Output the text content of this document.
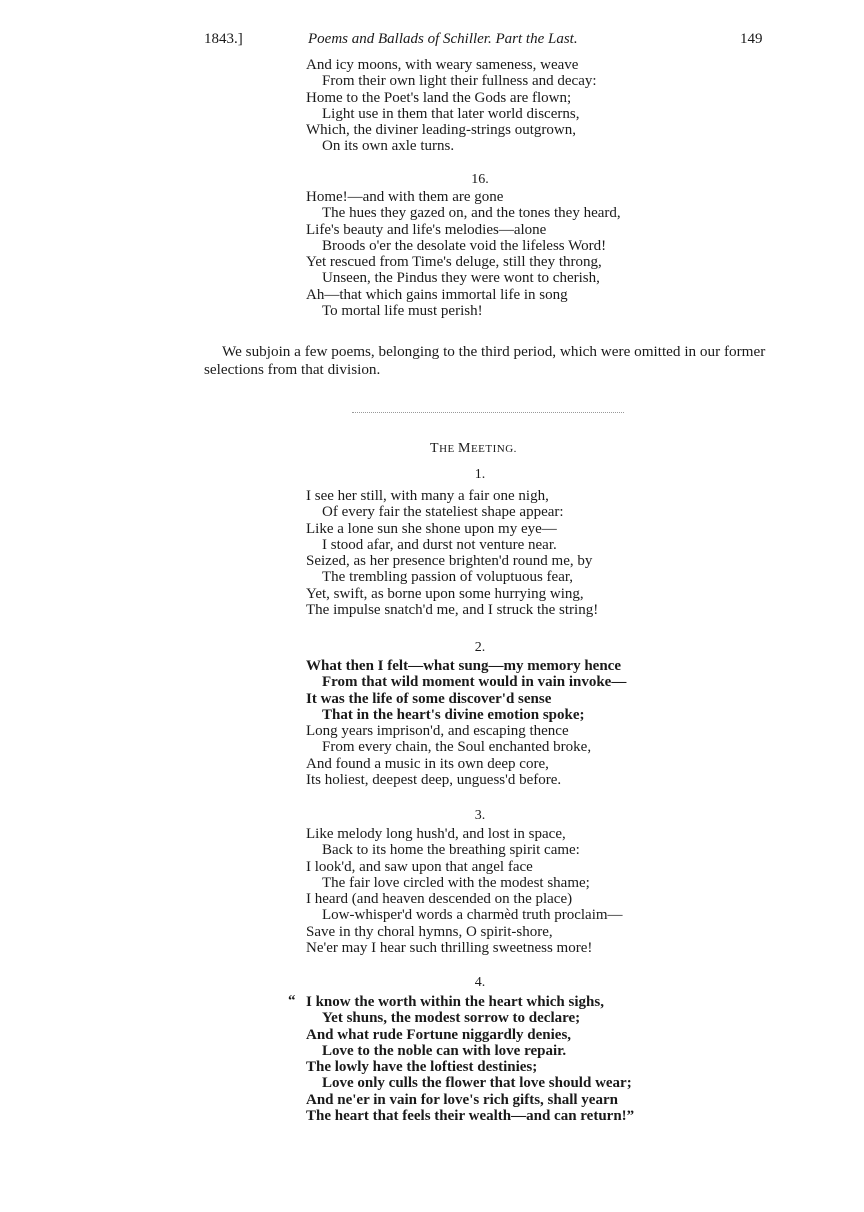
1843.]	Poems and Ballads of Schiller. Part the Last.	149
And icy moons, with weary sameness, weave
From their own light their fullness and decay:
Home to the Poet's land the Gods are flown;
Light use in them that later world discerns,
Which, the diviner leading-strings outgrown,
On its own axle turns.
16.
Home!—and with them are gone
The hues they gazed on, and the tones they heard,
Life's beauty and life's melodies—alone
Broods o'er the desolate void the lifeless Word!
Yet rescued from Time's deluge, still they throng,
Unseen, the Pindus they were wont to cherish,
Ah—that which gains immortal life in song
To mortal life must perish!

We subjoin a few poems, belonging to the third period, which were omitted in our former selections from that division.

THE MEETING.
1.
I see her still, with many a fair one nigh,
Of every fair the stateliest shape appear:
Like a lone sun she shone upon my eye—
I stood afar, and durst not venture near.
Seized, as her presence brighten'd round me, by
The trembling passion of voluptuous fear,
Yet, swift, as borne upon some hurrying wing,
The impulse snatch'd me, and I struck the string!
2.
What then I felt—what sung—my memory hence
From that wild moment would in vain invoke—
It was the life of some discover'd sense
That in the heart's divine emotion spoke;
Long years imprison'd, and escaping thence
From every chain, the Soul enchanted broke,
And found a music in its own deep core,
Its holiest, deepest deep, unguess'd before.
3.
Like melody long hush'd, and lost in space,
Back to its home the breathing spirit came:
I look'd, and saw upon that angel face
The fair love circled with the modest shame;
I heard (and heaven descended on the place)
Low-whisper'd words a charmèd truth proclaim—
Save in thy choral hymns, O spirit-shore,
Ne'er may I hear such thrilling sweetness more!
4.
“ I know the worth within the heart which sighs,
Yet shuns, the modest sorrow to declare;
And what rude Fortune niggardly denies,
Love to the noble can with love repair.
The lowly have the loftiest destinies;
Love only culls the flower that love should wear;
And ne'er in vain for love's rich gifts, shall yearn
The heart that feels their wealth—and can return!”
